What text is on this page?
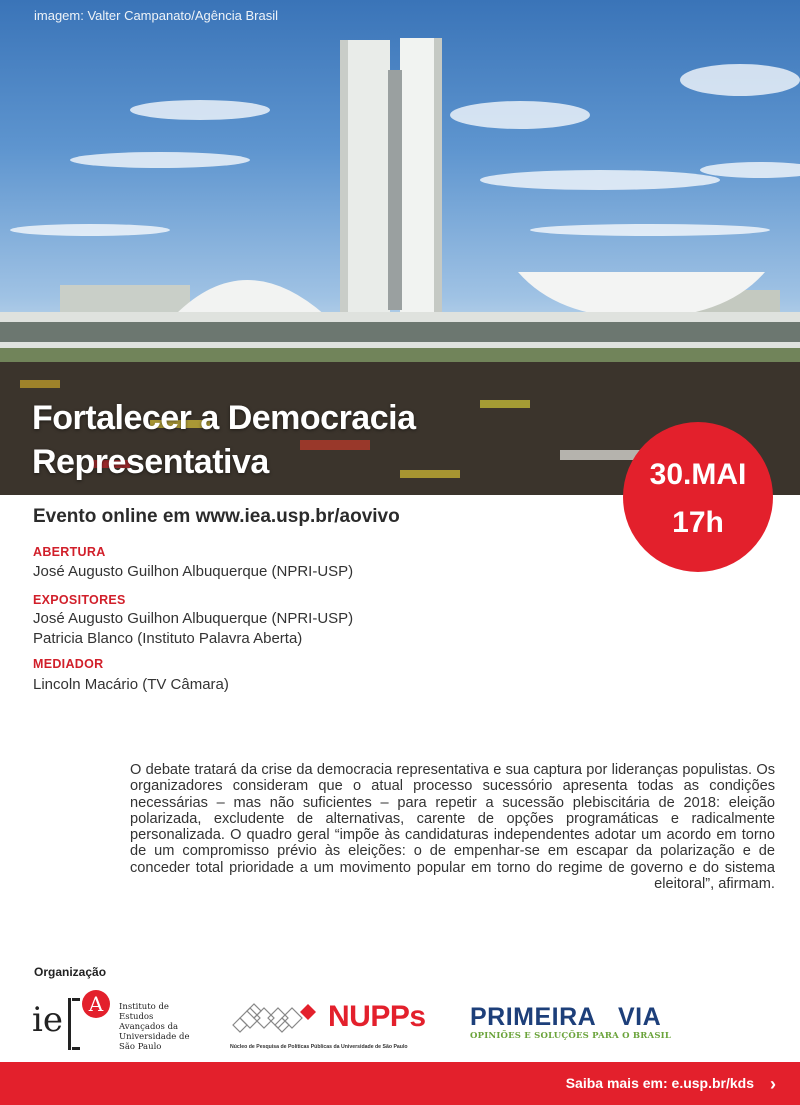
imagem: Valter Campanato/Agência Brasil
Fortalecer a Democracia
Representativa	30.MAI
17h
Evento online em www.iea.usp.br/aovivo
ABERTURA
José Augusto Guilhon Albuquerque (NPRI-USP)
EXPOSITORES
José Augusto Guilhon Albuquerque (NPRI-USP)
Patricia Blanco (Instituto Palavra Aberta)
MEDIADOR
Lincoln Macário (TV Câmara)
O debate tratará da crise da democracia representativa e sua captura por lideranças populistas. Os organizadores consideram que o atual processo sucessório apresenta todas as condições necessárias – mas não suficientes – para repetir a sucessão plebiscitária de 2018: eleição polarizada, excludente de alternativas, carente de opções programáticas e radicalmente personalizada. O quadro geral “impõe às candidaturas independentes adotar um acordo em torno de um compromisso prévio às eleições: o de empenhar-se em escapar da polarização e de conceder total prioridade a um movimento popular em torno do regime de governo e do sistema eleitoral”, afirmam.
Organização
ie	A	Instituto de
Estudos
Avançados da
Universidade de
São Paulo
NUPPs
Núcleo de Pesquisa de Políticas Públicas da Universidade de São Paulo
PRIMEIRA VIA
OPINIÕES E SOLUÇÕES PARA O BRASIL
Saiba mais em: e.usp.br/kds ›
